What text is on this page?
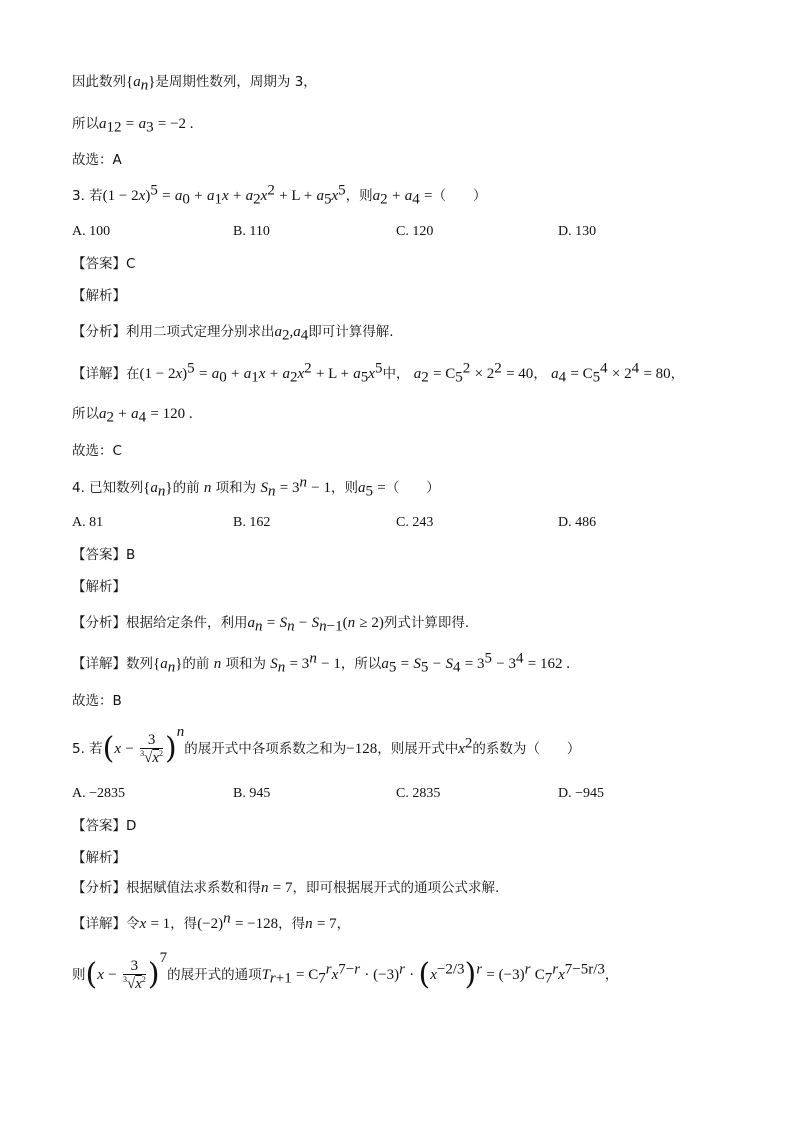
因此数列$\{a_n\}$是周期性数列，周期为 3，
所以$a_{12} = a_3 = -2$ .
故选：A
3. 若$(1 - 2x)^5 = a_0 + a_1x + a_2x^2 + L + a_5x^5$，则$a_2 + a_4$ =（　　）
A. 100	B. 110	C. 120	D. 130
【答案】C
【解析】
【分析】利用二项式定理分别求出$a_2,a_4$即可计算得解.
【详解】在$(1 - 2x)^5 = a_0 + a_1x + a_2x^2 + L + a_5x^5$中， $a_2 = C_5^2 \times 2^2 = 40$， $a_4 = C_5^4 \times 2^4 = 80$，
所以$a_2 + a_4 = 120$ .
故选：C
4. 已知数列$\{a_n\}$的前 n 项和为 $S_n = 3^n - 1$，则$a_5$ =（　　）
A. 81	B. 162	C. 243	D. 486
【答案】B
【解析】
【分析】根据给定条件，利用$a_n = S_n - S_{n-1}(n \ge 2)$列式计算即得.
【详解】数列$\{a_n\}$的前 n 项和为 $S_n = 3^n - 1$，所以$a_5 = S_5 - S_4 = 3^5 - 3^4 = 162$ .
故选：B
5. 若$(x - \frac{3}{^3√x^2} )^n$的展开式中各项系数之和为−128，则展开式中$x^2$的系数为（　　）
A. −2835	B. 945	C. 2835	D. −945
【答案】D
【解析】
【分析】根据赋值法求系数和得n = 7，即可根据展开式的通项公式求解.
【详解】令x = 1，得$(-2)^n = -128$，得n = 7，
则$(x - \frac{3}{^3√x^2} )^7$的展开式的通项$T_{r+1} = C_7^rx^{7-r} \cdot (-3)^r \cdot (x^{-2/3})^r = (-3)^r$ $C_7^rx^{7-5r/3}$，
